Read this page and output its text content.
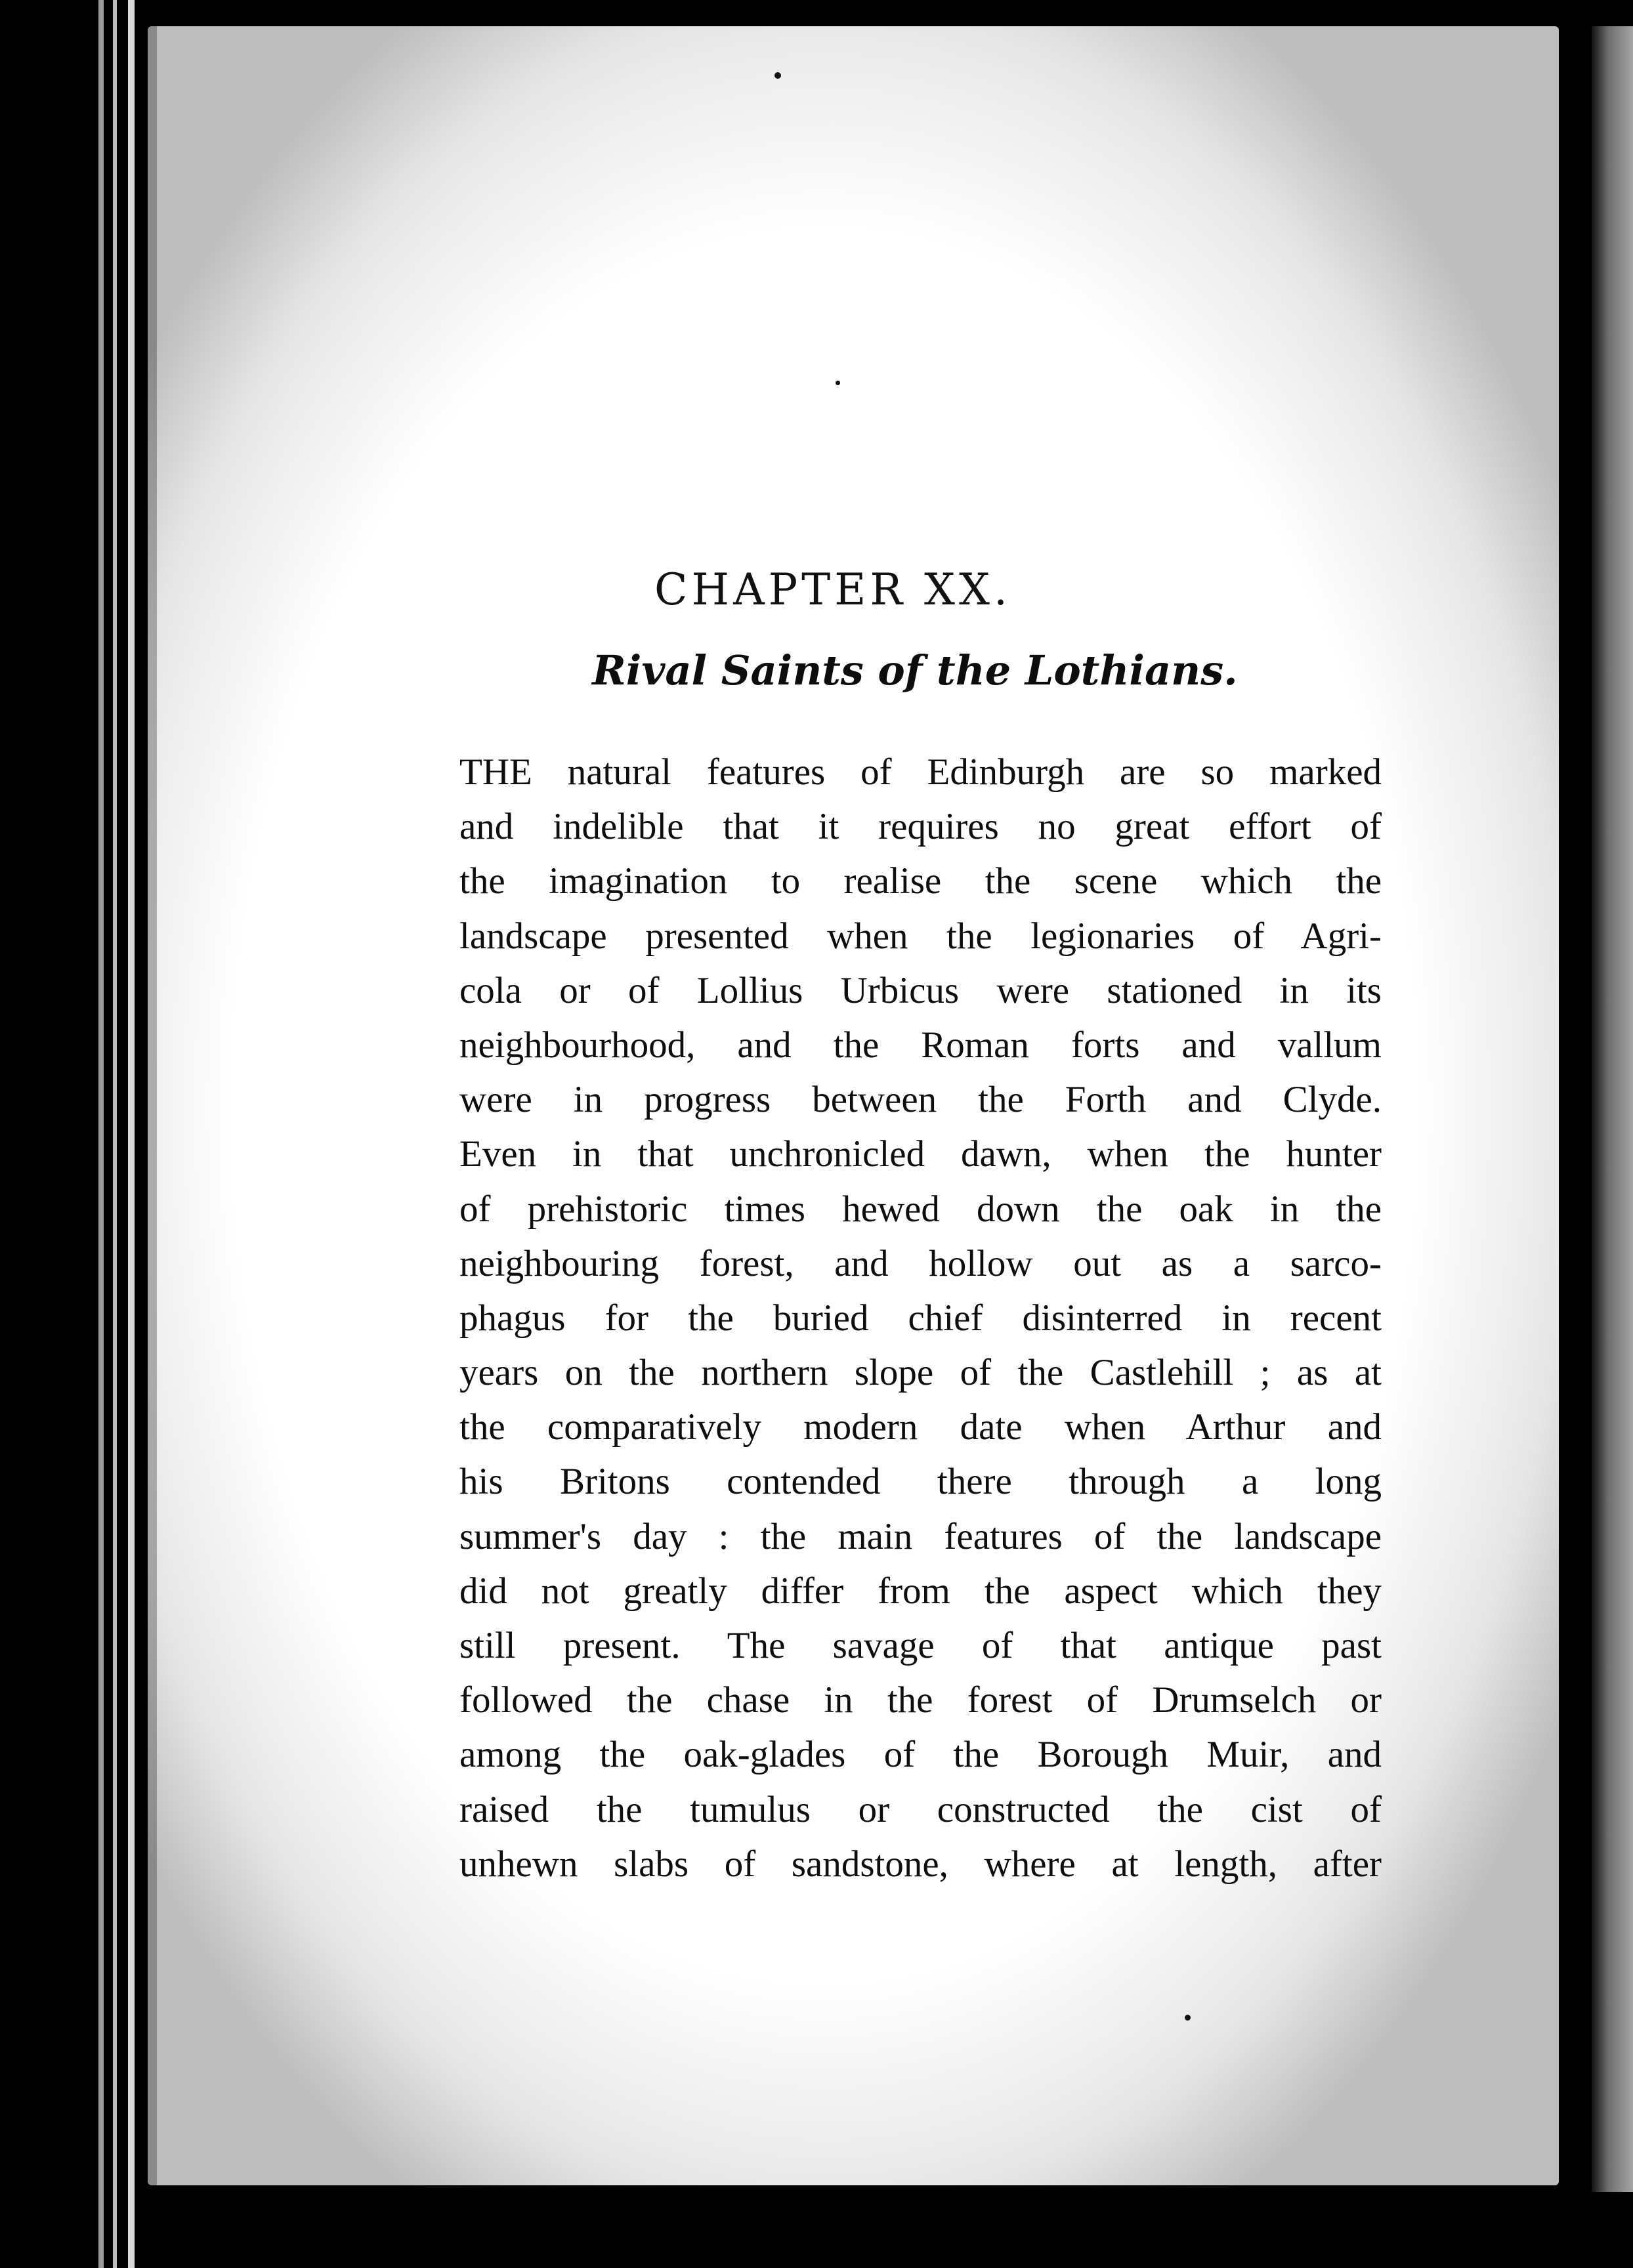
CHAPTER XX.
Rival Saints of the Lothians.
THE natural features of Edinburgh are so marked
and indelible that it requires no great effort of
the imagination to realise the scene which the
landscape presented when the legionaries of Agri-
cola or of Lollius Urbicus were stationed in its
neighbourhood, and the Roman forts and vallum
were in progress between the Forth and Clyde.
Even in that unchronicled dawn, when the hunter
of prehistoric times hewed down the oak in the
neighbouring forest, and hollow out as a sarco-
phagus for the buried chief disinterred in recent
years on the northern slope of the Castlehill ; as at
the comparatively modern date when Arthur and
his Britons contended there through a long
summer's day : the main features of the landscape
did not greatly differ from the aspect which they
still present. The savage of that antique past
followed the chase in the forest of Drumselch or
among the oak-glades of the Borough Muir, and
raised the tumulus or constructed the cist of
unhewn slabs of sandstone, where at length, after
